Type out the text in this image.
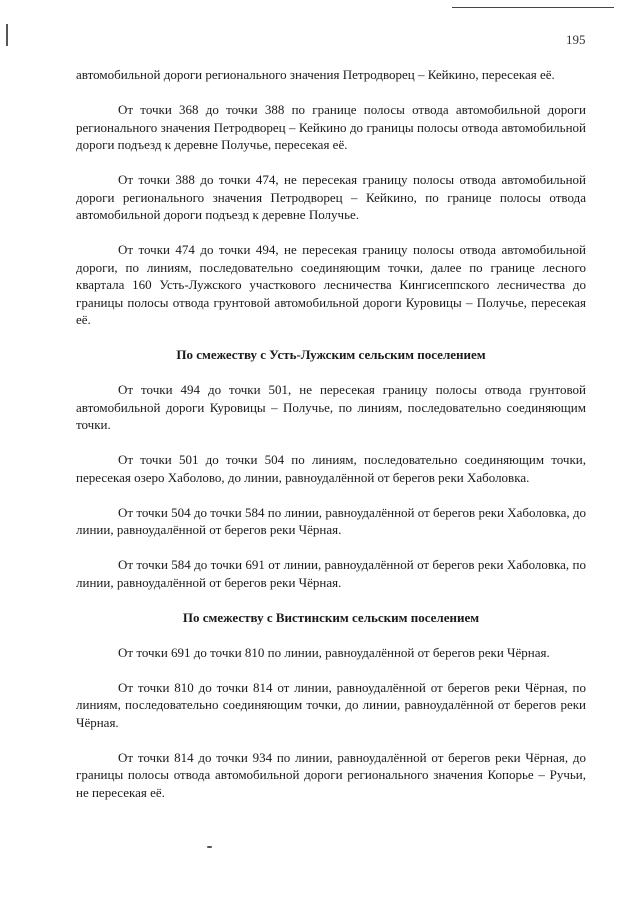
195

автомобильной дороги регионального значения Петродворец – Кейкино, пересекая её.

От точки 368 до точки 388 по границе полосы отвода автомобильной дороги регионального значения Петродворец – Кейкино до границы полосы отвода автомобильной дороги подъезд к деревне Получье, пересекая её.

От точки 388 до точки 474, не пересекая границу полосы отвода автомобильной дороги регионального значения Петродворец – Кейкино, по границе полосы отвода автомобильной дороги подъезд к деревне Получье.

От точки 474 до точки 494, не пересекая границу полосы отвода автомобильной дороги, по линиям, последовательно соединяющим точки, далее по границе лесного квартала 160 Усть-Лужского участкового лесничества Кингисеппского лесничества до границы полосы отвода грунтовой автомобильной дороги Куровицы – Получье, пересекая её.

По смежеству с Усть-Лужским сельским поселением

От точки 494 до точки 501, не пересекая границу полосы отвода грунтовой автомобильной дороги Куровицы – Получье, по линиям, последовательно соединяющим точки.

От точки 501 до точки 504 по линиям, последовательно соединяющим точки, пересекая озеро Хаболово, до линии, равноудалённой от берегов реки Хаболовка.

От точки 504 до точки 584 по линии, равноудалённой от берегов реки Хаболовка, до линии, равноудалённой от берегов реки Чёрная.

От точки 584 до точки 691 от линии, равноудалённой от берегов реки Хаболовка, по линии, равноудалённой от берегов реки Чёрная.

По смежеству с Вистинским сельским поселением

От точки 691 до точки 810 по линии, равноудалённой от берегов реки Чёрная.

От точки 810 до точки 814 от линии, равноудалённой от берегов реки Чёрная, по линиям, последовательно соединяющим точки, до линии, равноудалённой от берегов реки Чёрная.

От точки 814 до точки 934 по линии, равноудалённой от берегов реки Чёрная, до границы полосы отвода автомобильной дороги регионального значения Копорье – Ручьи, не пересекая её.
